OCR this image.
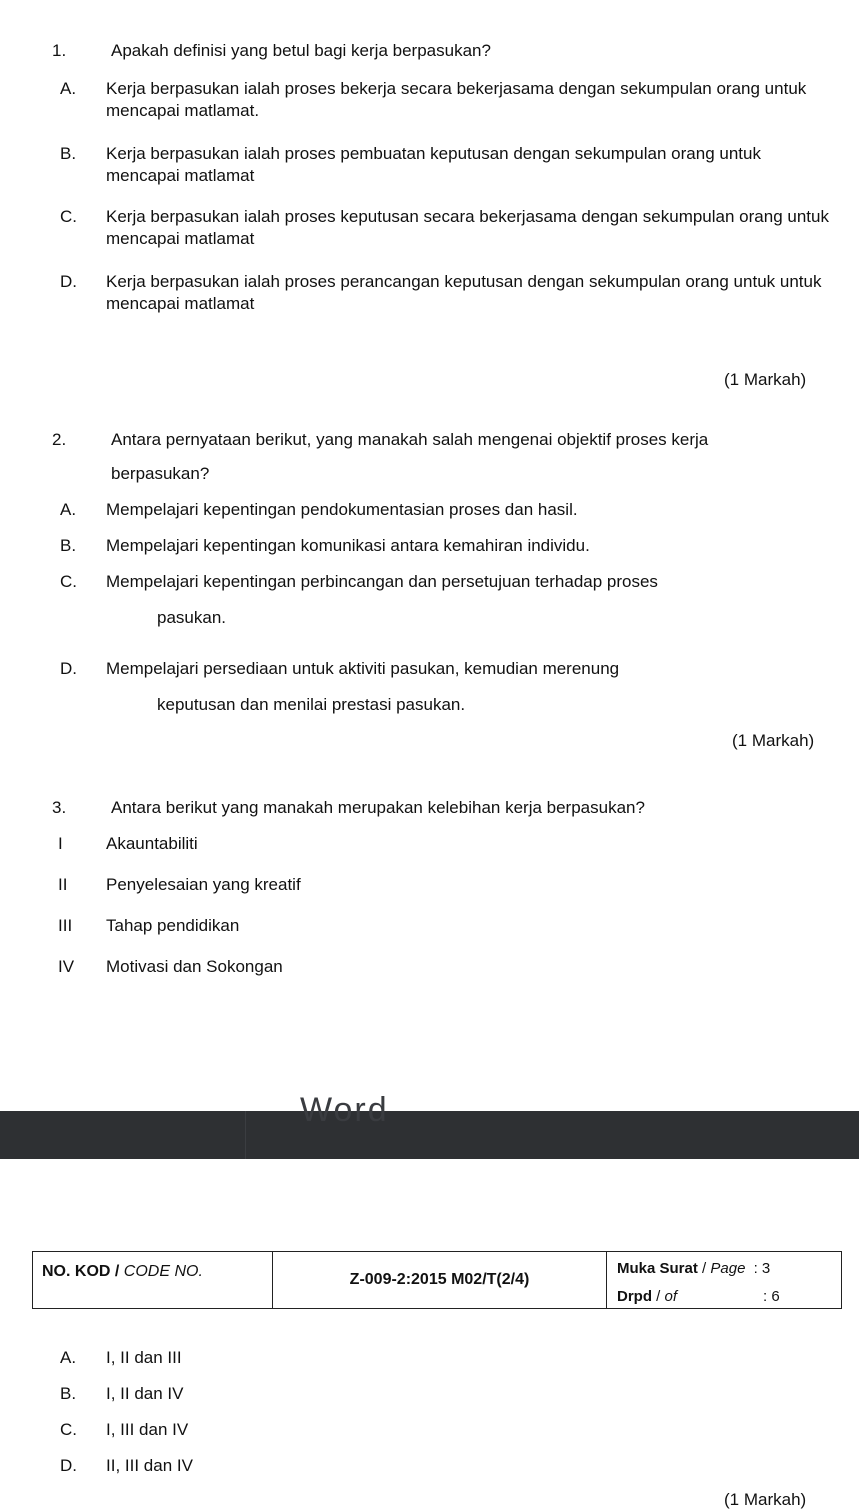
1.	Apakah definisi yang betul bagi kerja berpasukan?
A. Kerja berpasukan ialah proses bekerja secara bekerjasama dengan sekumpulan orang untuk mencapai matlamat.
B. Kerja berpasukan ialah proses pembuatan keputusan dengan sekumpulan orang untuk mencapai matlamat
C. Kerja berpasukan ialah proses keputusan secara bekerjasama dengan sekumpulan orang untuk mencapai matlamat
D. Kerja berpasukan ialah proses perancangan keputusan dengan sekumpulan orang untuk untuk mencapai matlamat
(1 Markah)
2.	Antara pernyataan berikut, yang manakah salah mengenai objektif proses kerja
berpasukan?
A. Mempelajari kepentingan pendokumentasian proses dan hasil.
B. Mempelajari kepentingan komunikasi antara kemahiran individu.
C. Mempelajari kepentingan perbincangan dan persetujuan terhadap proses
pasukan.
D. Mempelajari persediaan untuk aktiviti pasukan, kemudian merenung
keputusan dan menilai prestasi pasukan.
(1 Markah)
3.	Antara berikut yang manakah merupakan kelebihan kerja berpasukan?
I	Akauntabiliti
II Penyelesaian yang kreatif
III Tahap pendidikan
IV Motivasi dan Sokongan
Word
NO. KOD / CODE NO.	Z-009-2:2015 M02/T(2/4)	
Muka Surat / Page : 3
Drpd / of	: 6
A. I, II dan III
B. I, II dan IV
C. I, III dan IV
D. II, III dan IV
(1 Markah)
